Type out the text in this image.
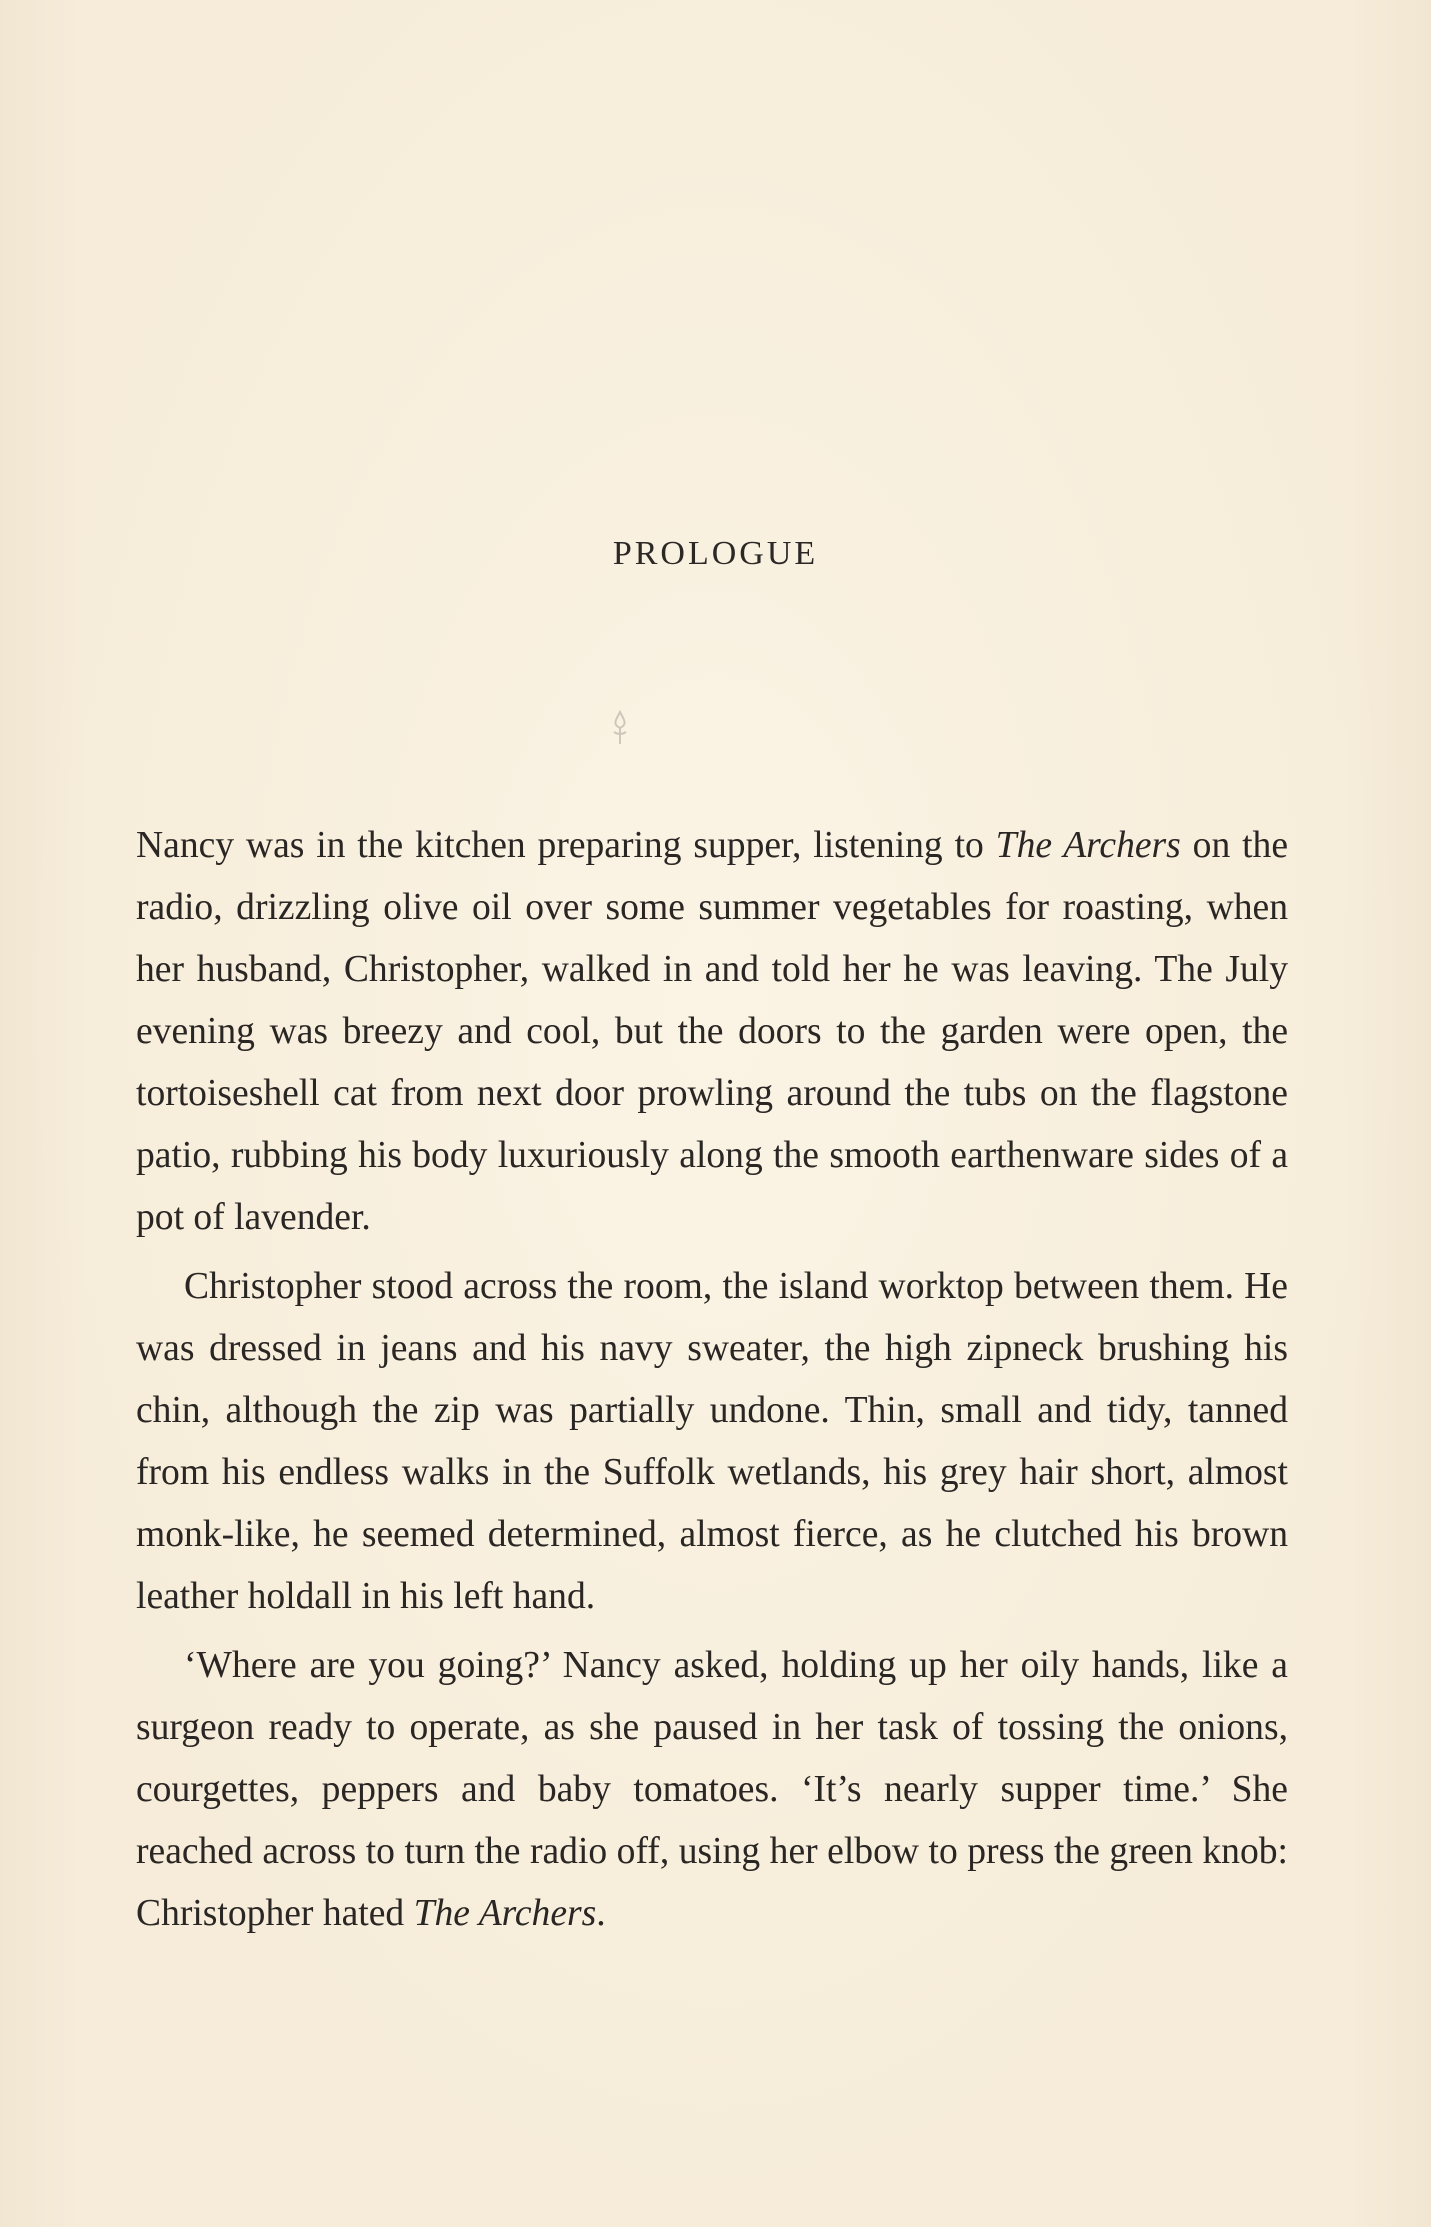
PROLOGUE

Nancy was in the kitchen preparing supper, listening to The Archers on the radio, drizzling olive oil over some summer vegetables for roasting, when her husband, Christopher, walked in and told her he was leaving. The July evening was breezy and cool, but the doors to the garden were open, the tortoiseshell cat from next door prowling around the tubs on the flagstone patio, rubbing his body luxuriously along the smooth earthenware sides of a pot of lavender.

Christopher stood across the room, the island worktop between them. He was dressed in jeans and his navy sweater, the high zipneck brushing his chin, although the zip was partially undone. Thin, small and tidy, tanned from his endless walks in the Suffolk wetlands, his grey hair short, almost monk-like, he seemed determined, almost fierce, as he clutched his brown leather holdall in his left hand.

‘Where are you going?’ Nancy asked, holding up her oily hands, like a surgeon ready to operate, as she paused in her task of tossing the onions, courgettes, peppers and baby tomatoes. ‘It’s nearly supper time.’ She reached across to turn the radio off, using her elbow to press the green knob: Christopher hated The Archers.
